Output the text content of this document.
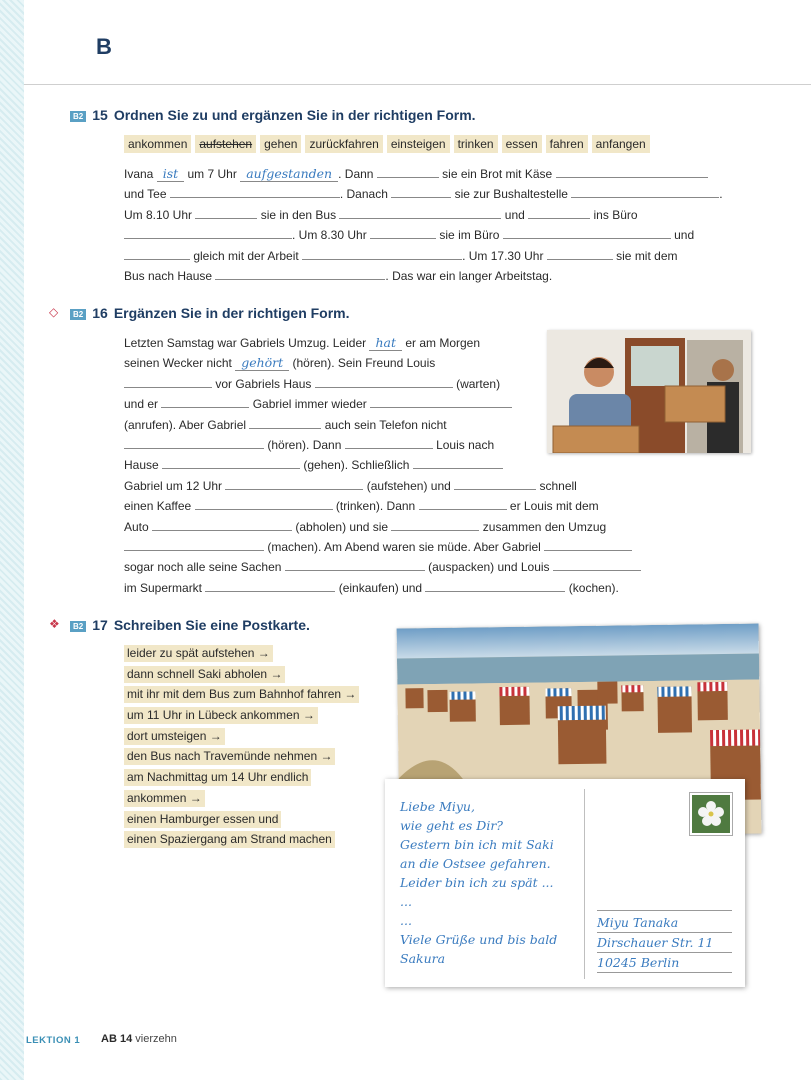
B
B2 15 Ordnen Sie zu und ergänzen Sie in der richtigen Form.
ankommen	aufstehen	gehen	zurückfahren	einsteigen	trinken	essen	fahren	anfangen
Ivana ist um 7 Uhr aufgestanden . Dann	sie ein Brot mit Käse
und Tee	. Danach	sie zur Bushaltestelle	.
Um 8.10 Uhr	sie in den Bus	und	ins Büro
. Um 8.30 Uhr	sie im Büro	und
gleich mit der Arbeit	. Um 17.30 Uhr	sie mit dem
Bus nach Hause	. Das war ein langer Arbeitstag.
◇	B2 16 Ergänzen Sie in der richtigen Form.
Letzten Samstag war Gabriels Umzug. Leider hat er am Morgen
seinen Wecker nicht gehört (hören). Sein Freund Louis
vor Gabriels Haus	(warten)
und er	Gabriel immer wieder
(anrufen). Aber Gabriel	auch sein Telefon nicht
(hören). Dann	Louis nach
Hause	(gehen). Schließlich
Gabriel um 12 Uhr	(aufstehen) und	schnell
einen Kaffee	(trinken). Dann	er Louis mit dem
Auto	(abholen) und sie	zusammen den Umzug
(machen). Am Abend waren sie müde. Aber Gabriel
sogar noch alle seine Sachen	(auspacken) und Louis
im Supermarkt	(einkaufen) und	(kochen).
❖	B2 17 Schreiben Sie eine Postkarte.
leider zu spät aufstehen →
dann schnell Saki abholen →
mit ihr mit dem Bus zum Bahnhof fahren →
um 11 Uhr in Lübeck ankommen →
dort umsteigen →
den Bus nach Travemünde nehmen →
am Nachmittag um 14 Uhr endlich
ankommen →
einen Hamburger essen und
einen Spaziergang am Strand machen
Liebe Miyu,
wie geht es Dir?
Gestern bin ich mit Saki
an die Ostsee gefahren.
Leider bin ich zu spät ...
...
...
Viele Grüße und bis bald
Sakura
Miyu Tanaka
Dirschauer Str. 11
10245 Berlin
LEKTION 1 AB 14 vierzehn
